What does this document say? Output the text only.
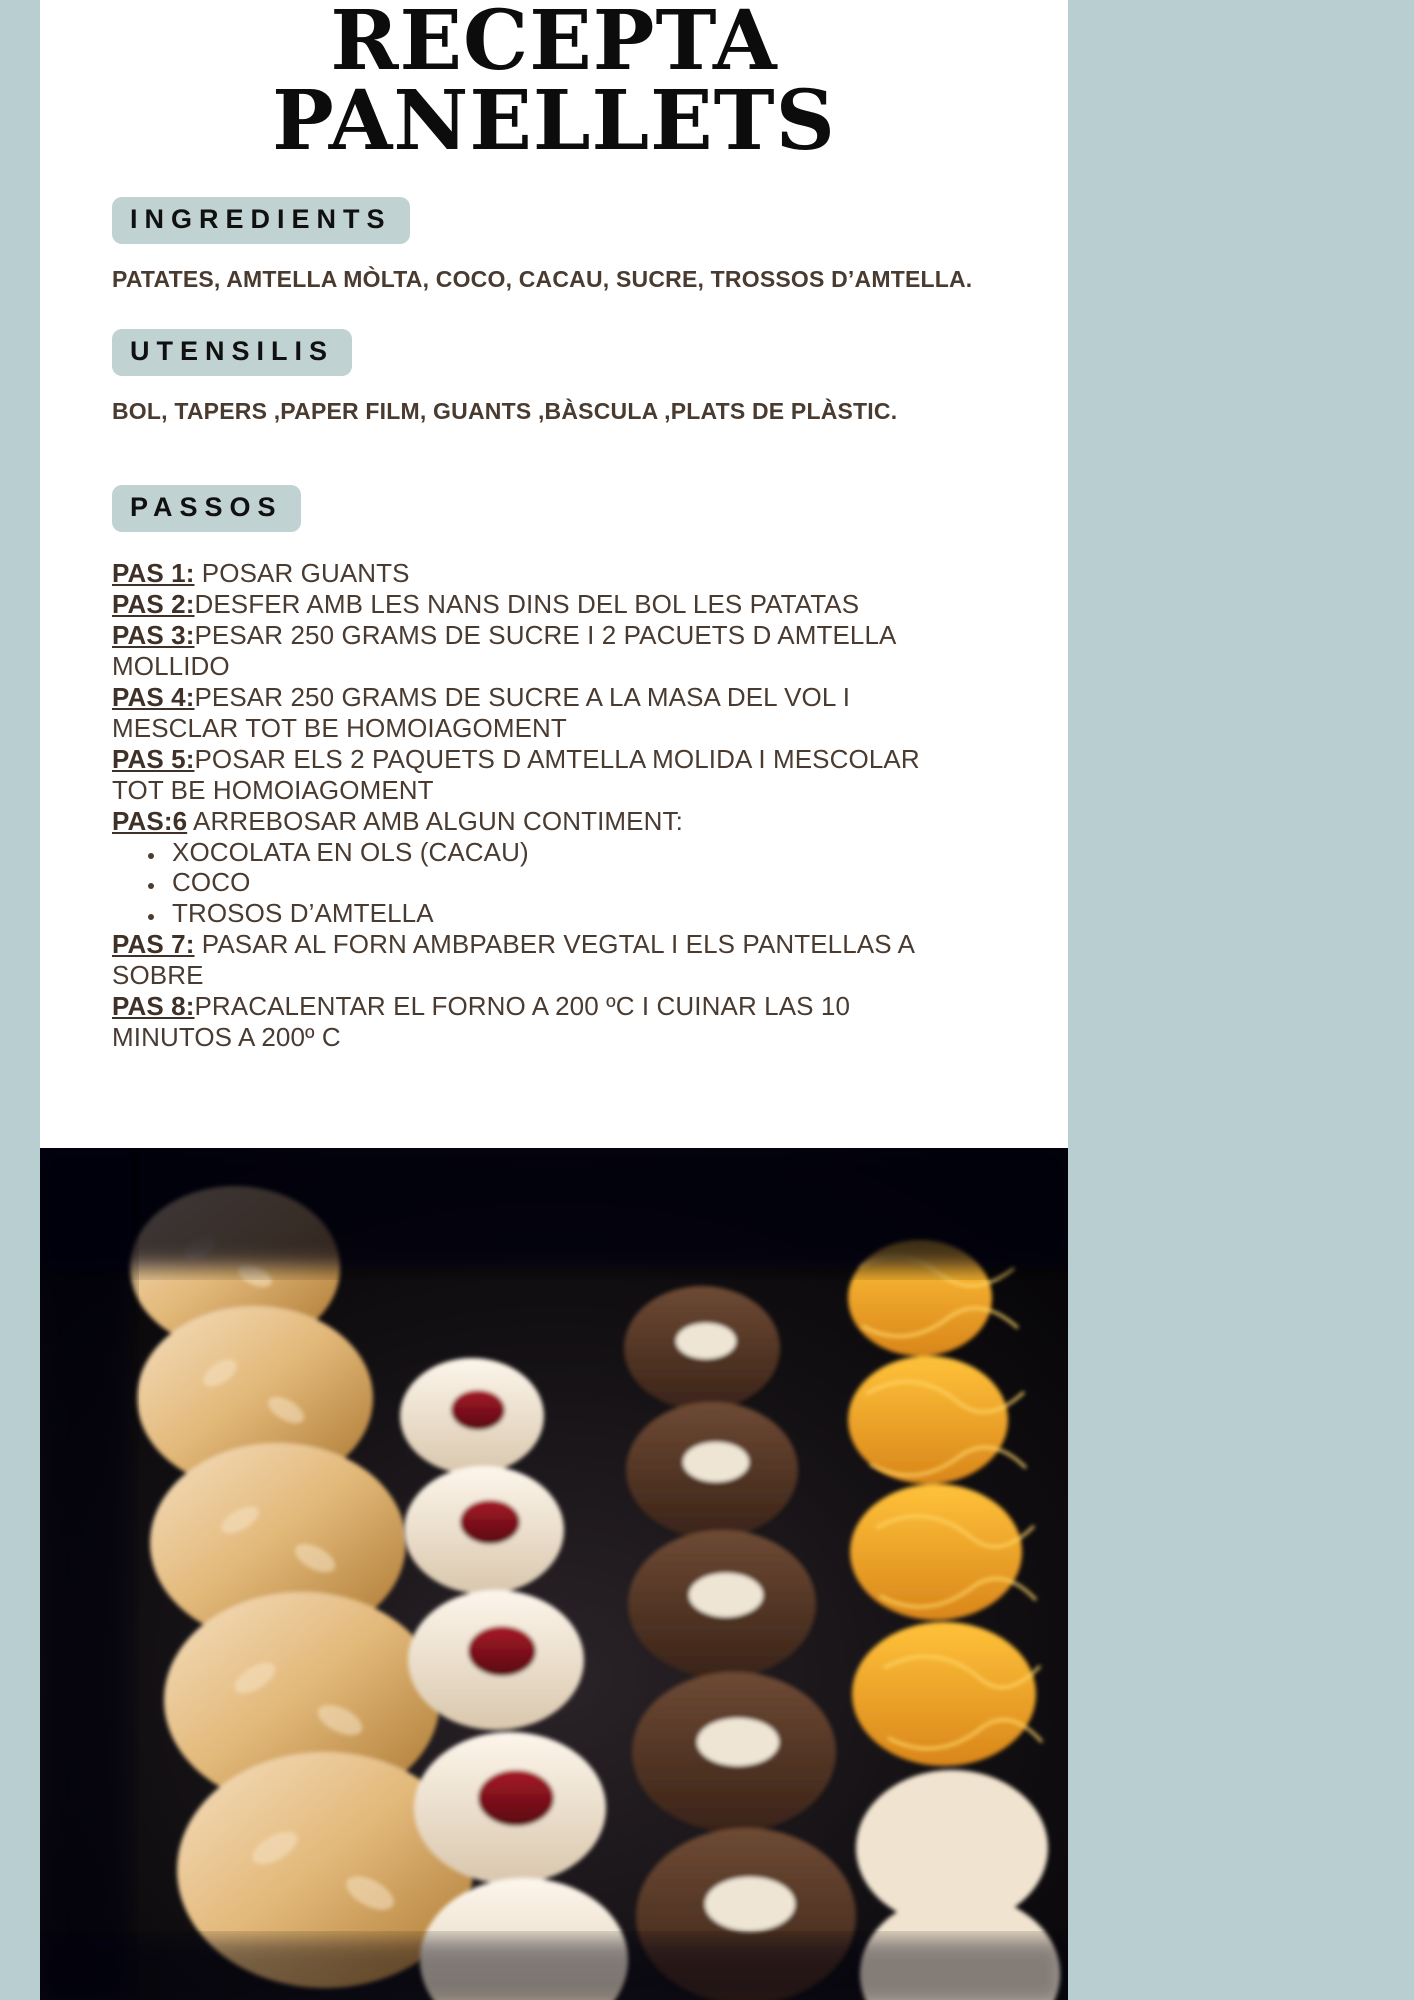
RECEPTA
PANELLETS
INGREDIENTS

PATATES, AMTELLA MÒLTA, COCO, CACAU, SUCRE, TROSSOS D’AMTELLA.

UTENSILIS

BOL, TAPERS ,PAPER FILM, GUANTS ,BÀSCULA ,PLATS DE PLÀSTIC.

PASSOS

PAS 1: POSAR GUANTS

PAS 2:DESFER AMB LES NANS DINS DEL BOL LES PATATAS

PAS 3:PESAR 250 GRAMS DE SUCRE I 2 PACUETS D AMTELLA MOLLIDO

PAS 4:PESAR 250 GRAMS DE SUCRE A LA MASA DEL VOL I MESCLAR TOT BE HOMOIAGOMENT

PAS 5:POSAR ELS 2 PAQUETS D AMTELLA MOLIDA I MESCOLAR TOT BE HOMOIAGOMENT

PAS:6 ARREBOSAR AMB ALGUN CONTIMENT:

• XOCOLATA EN OLS (CACAU)
• COCO
• TROSOS D’AMTELLA

PAS 7: PASAR AL FORN AMBPABER VEGTAL I ELS PANTELLAS A SOBRE

PAS 8:PRACALENTAR EL FORNO A 200 ºC I CUINAR LAS 10 MINUTOS A 200º C
